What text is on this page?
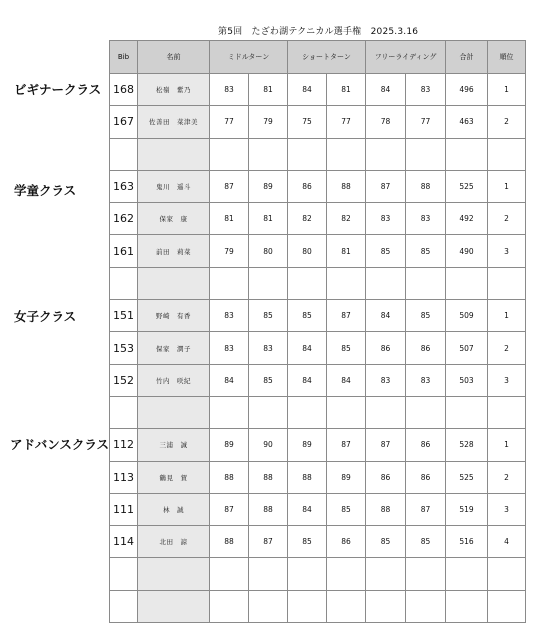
第5回　たざわ湖テクニカル選手権　2025.3.16
ビギナークラス
学童クラス
女子クラス
アドバンスクラス
Bib	名前	ミドルターン		ショートターン		フリーライディング		合計	順位
168	松嶺　紫乃	83	81	84	81	84	83	496	1
167	佐善田　菜津美	77	79	75	77	78	77	463	2

163	鬼川　遥斗	87	89	86	88	87	88	525	1
162	保家　康	81	81	82	82	83	83	492	2
161	前田　莉菜	79	80	80	81	85	85	490	3

151	野崎　有香	83	85	85	87	84	85	509	1
153	保家　潤子	83	83	84	85	86	86	507	2
152	竹内　咲紀	84	85	84	84	83	83	503	3

112	三浦　誠	89	90	89	87	87	86	528	1
113	鶴見　賀	88	88	88	89	86	86	525	2
111	林　誠	87	88	84	85	88	87	519	3
114	北田　諒	88	87	85	86	85	85	516	4
